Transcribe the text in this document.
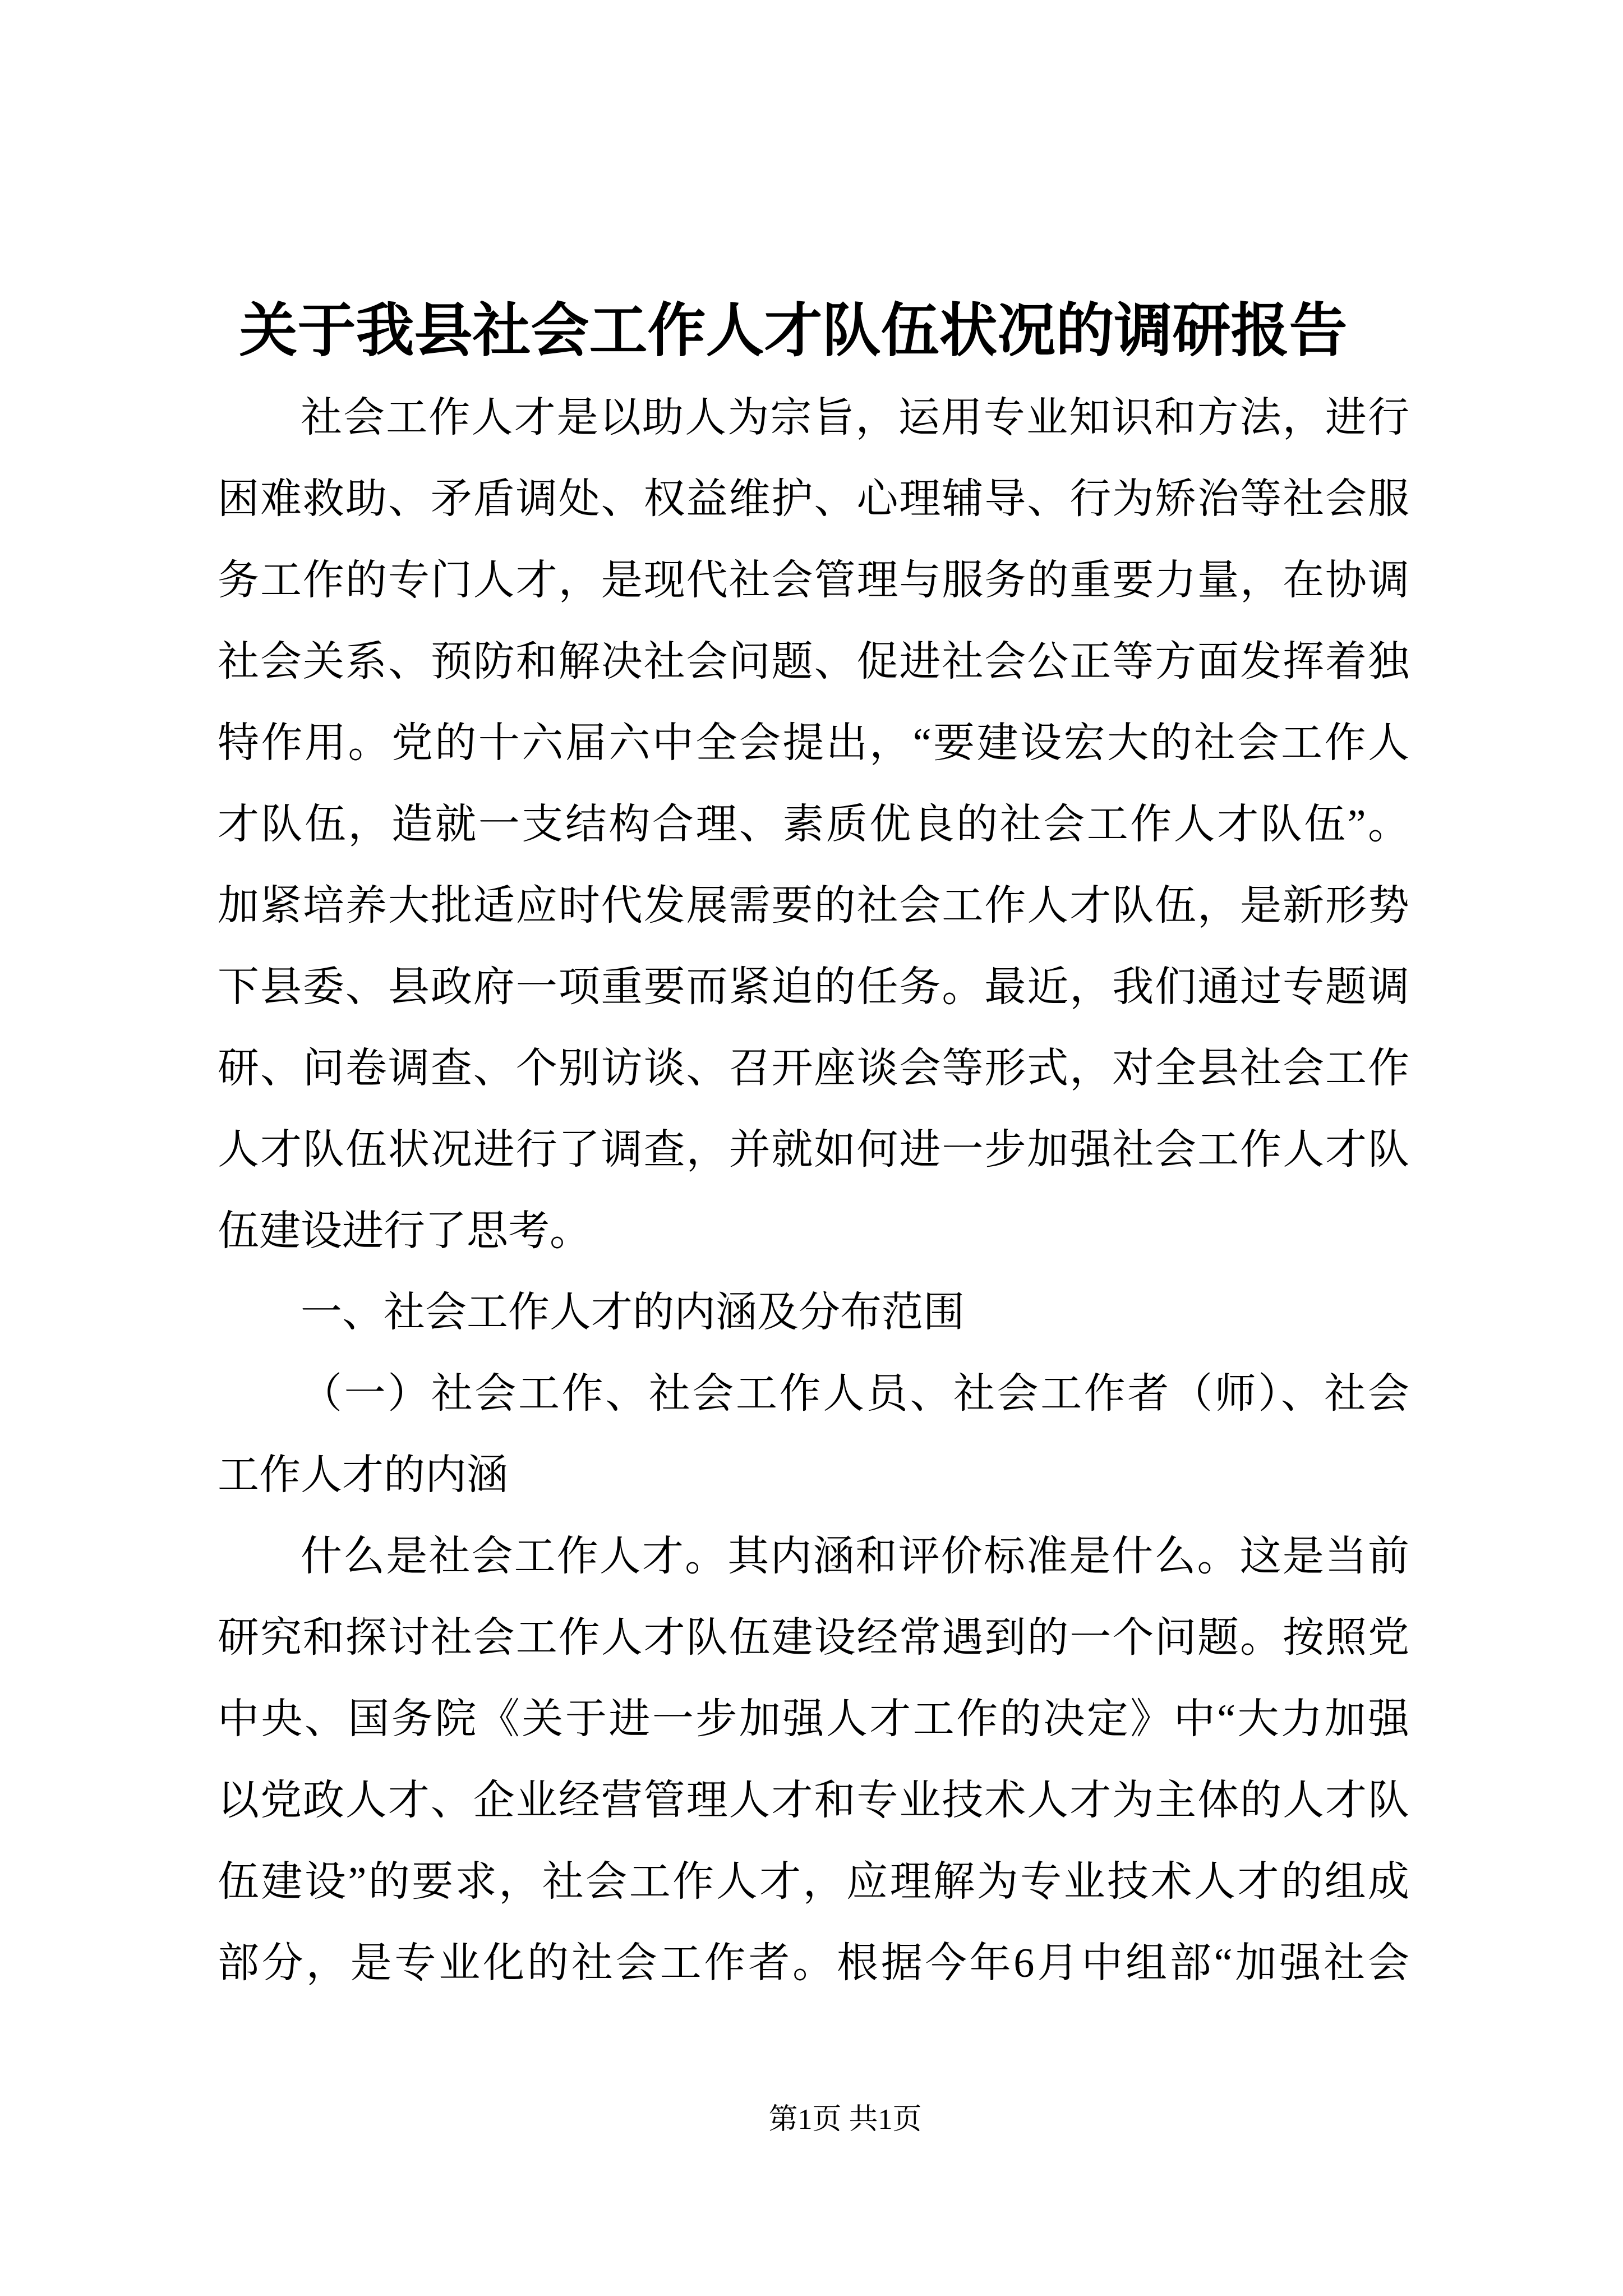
关于我县社会工作人才队伍状况的调研报告
社会工作人才是以助人为宗旨，运用专业知识和方法，进行
困难救助、矛盾调处、权益维护、心理辅导、行为矫治等社会服
务工作的专门人才，是现代社会管理与服务的重要力量，在协调
社会关系、预防和解决社会问题、促进社会公正等方面发挥着独
特作用。党的十六届六中全会提出，“要建设宏大的社会工作人
才队伍，造就一支结构合理、素质优良的社会工作人才队伍”。
加紧培养大批适应时代发展需要的社会工作人才队伍，是新形势
下县委、县政府一项重要而紧迫的任务。最近，我们通过专题调
研、问卷调查、个别访谈、召开座谈会等形式，对全县社会工作
人才队伍状况进行了调查，并就如何进一步加强社会工作人才队
伍建设进行了思考。
一、社会工作人才的内涵及分布范围
（一）社会工作、社会工作人员、社会工作者（师）、社会
工作人才的内涵
什么是社会工作人才。其内涵和评价标准是什么。这是当前
研究和探讨社会工作人才队伍建设经常遇到的一个问题。按照党
中央、国务院《关于进一步加强人才工作的决定》中“大力加强
以党政人才、企业经营管理人才和专业技术人才为主体的人才队
伍建设”的要求，社会工作人才，应理解为专业技术人才的组成
部分，是专业化的社会工作者。根据今年6月中组部“加强社会
第1页 共1页
